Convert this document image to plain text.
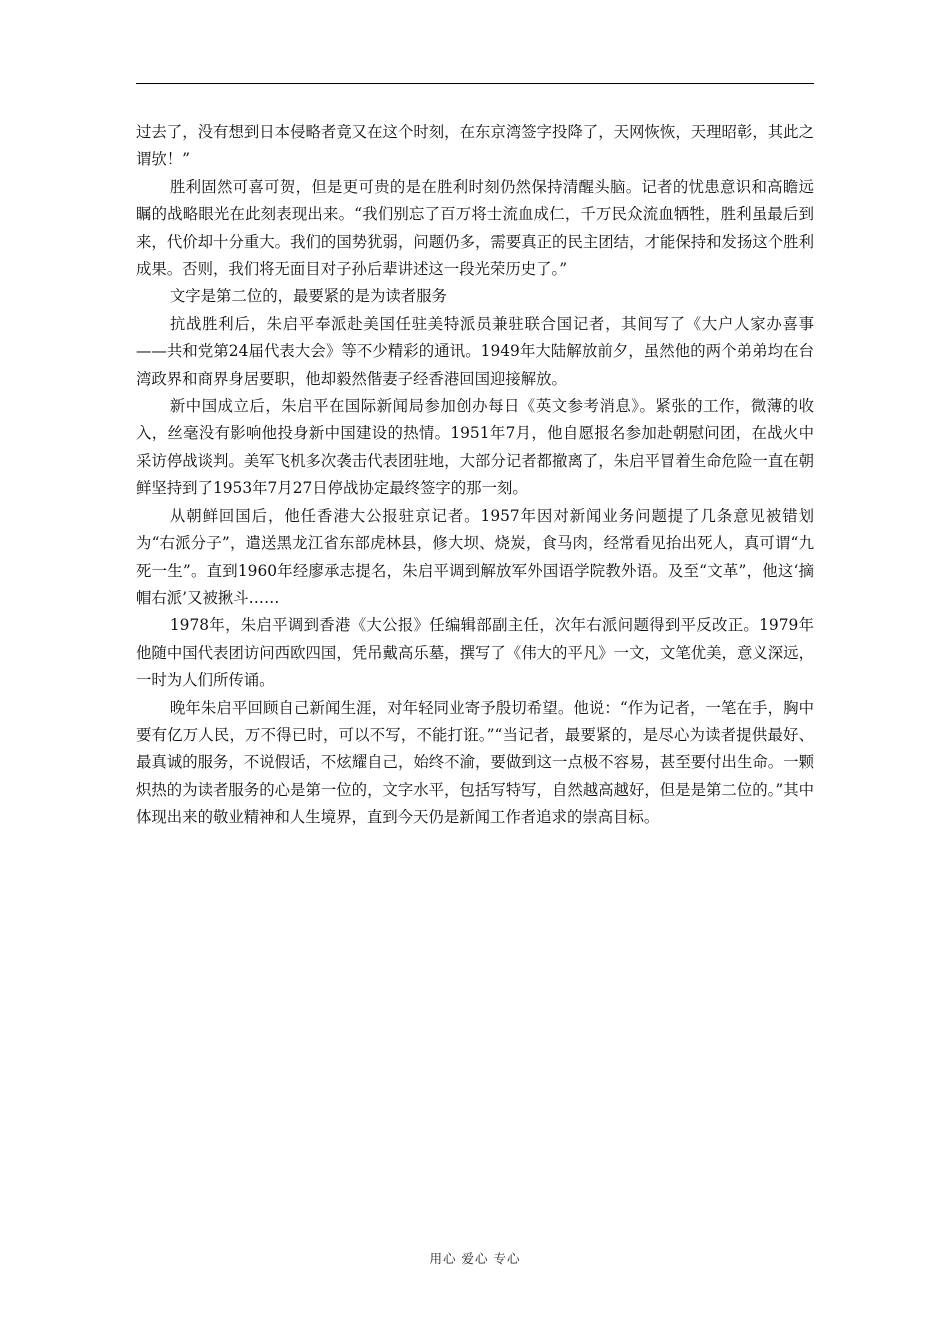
过去了，没有想到日本侵略者竟又在这个时刻，在东京湾签字投降了，天网恢恢，天理昭彰，其此之谓欤！”

胜利固然可喜可贺，但是更可贵的是在胜利时刻仍然保持清醒头脑。记者的忧患意识和高瞻远瞩的战略眼光在此刻表现出来。“我们别忘了百万将士流血成仁，千万民众流血牺牲，胜利虽最后到来，代价却十分重大。我们的国势犹弱，问题仍多，需要真正的民主团结，才能保持和发扬这个胜利成果。否则，我们将无面目对子孙后辈讲述这一段光荣历史了。”

文字是第二位的，最要紧的是为读者服务

抗战胜利后，朱启平奉派赴美国任驻美特派员兼驻联合国记者，其间写了《大户人家办喜事——共和党第24届代表大会》等不少精彩的通讯。1949年大陆解放前夕，虽然他的两个弟弟均在台湾政界和商界身居要职，他却毅然偕妻子经香港回国迎接解放。

新中国成立后，朱启平在国际新闻局参加创办每日《英文参考消息》。紧张的工作，微薄的收入，丝毫没有影响他投身新中国建设的热情。1951年7月，他自愿报名参加赴朝慰问团，在战火中采访停战谈判。美军飞机多次袭击代表团驻地，大部分记者都撤离了，朱启平冒着生命危险一直在朝鲜坚持到了1953年7月27日停战协定最终签字的那一刻。

从朝鲜回国后，他任香港大公报驻京记者。1957年因对新闻业务问题提了几条意见被错划为“右派分子”，遣送黑龙江省东部虎林县，修大坝、烧炭，食马肉，经常看见抬出死人，真可谓“九死一生”。直到1960年经廖承志提名，朱启平调到解放军外国语学院教外语。及至“文革”，他这‘摘帽右派’又被揪斗……

1978年，朱启平调到香港《大公报》任编辑部副主任，次年右派问题得到平反改正。1979年他随中国代表团访问西欧四国，凭吊戴高乐墓，撰写了《伟大的平凡》一文，文笔优美，意义深远，一时为人们所传诵。

晚年朱启平回顾自己新闻生涯，对年轻同业寄予殷切希望。他说：“作为记者，一笔在手，胸中要有亿万人民，万不得已时，可以不写，不能打诳。”“当记者，最要紧的，是尽心为读者提供最好、最真诚的服务，不说假话，不炫耀自己，始终不渝，要做到这一点极不容易，甚至要付出生命。一颗炽热的为读者服务的心是第一位的，文字水平，包括写特写，自然越高越好，但是是第二位的。”其中体现出来的敬业精神和人生境界，直到今天仍是新闻工作者追求的崇高目标。

用心 爱心 专心
